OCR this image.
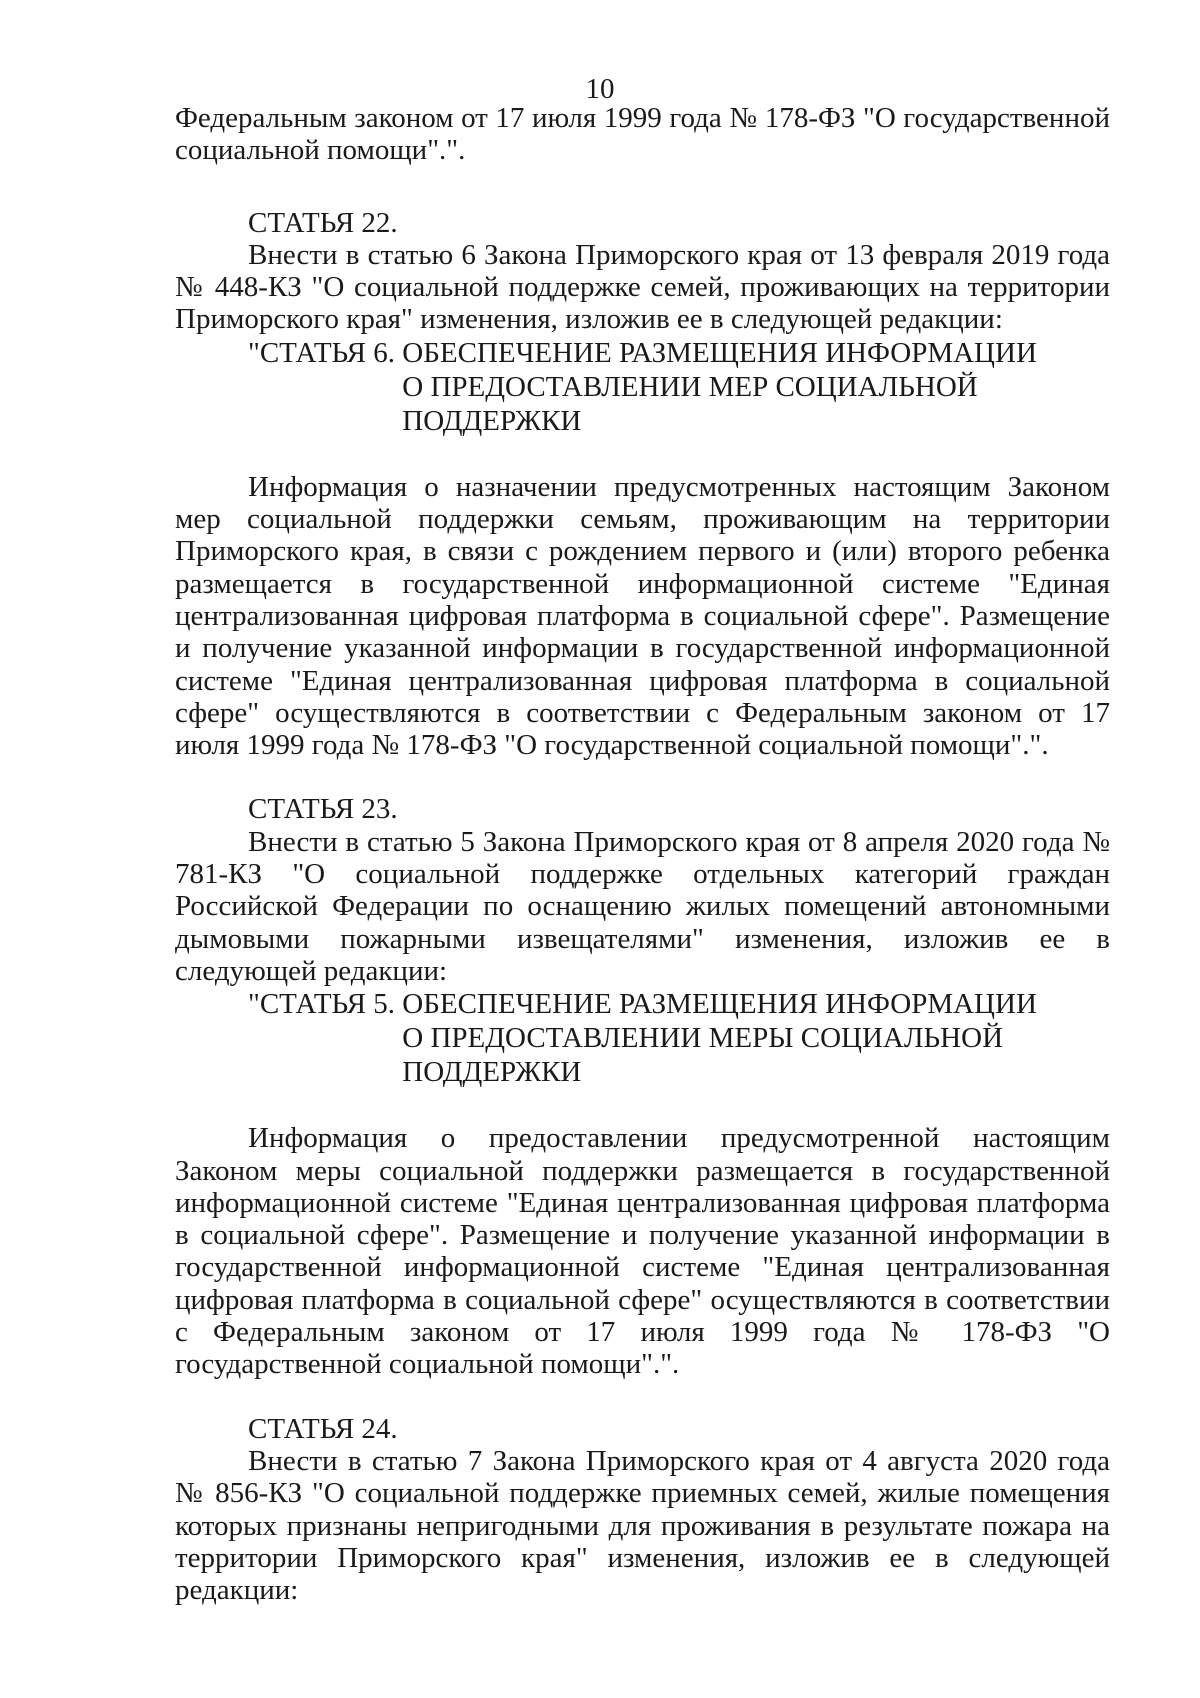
10

Федеральным законом от 17 июля 1999 года № 178-ФЗ "О государственной социальной помощи".".

СТАТЬЯ 22.

Внести в статью 6 Закона Приморского края от 13 февраля 2019 года № 448-КЗ "О социальной поддержке семей, проживающих на территории Приморского края" изменения, изложив ее в следующей редакции:

"СТАТЬЯ 6. ОБЕСПЕЧЕНИЕ РАЗМЕЩЕНИЯ ИНФОРМАЦИИ
О ПРЕДОСТАВЛЕНИИ МЕР СОЦИАЛЬНОЙ
ПОДДЕРЖКИ

Информация о назначении предусмотренных настоящим Законом мер социальной поддержки семьям, проживающим на территории Приморского края, в связи с рождением первого и (или) второго ребенка размещается в государственной информационной системе "Единая централизованная цифровая платформа в социальной сфере". Размещение и получение указанной информации в государственной информационной системе "Единая централизованная цифровая платформа в социальной сфере" осуществляются в соответствии с Федеральным законом от 17 июля 1999 года № 178-ФЗ "О государственной социальной помощи".".

СТАТЬЯ 23.

Внести в статью 5 Закона Приморского края от 8 апреля 2020 года № 781-КЗ "О социальной поддержке отдельных категорий граждан Российской Федерации по оснащению жилых помещений автономными дымовыми пожарными извещателями" изменения, изложив ее в следующей редакции:

"СТАТЬЯ 5. ОБЕСПЕЧЕНИЕ РАЗМЕЩЕНИЯ ИНФОРМАЦИИ
О ПРЕДОСТАВЛЕНИИ МЕРЫ СОЦИАЛЬНОЙ
ПОДДЕРЖКИ

Информация о предоставлении предусмотренной настоящим Законом меры социальной поддержки размещается в государственной информационной системе "Единая централизованная цифровая платформа в социальной сфере". Размещение и получение указанной информации в государственной информационной системе "Единая централизованная цифровая платформа в социальной сфере" осуществляются в соответствии с Федеральным законом от 17 июля 1999 года № 178-ФЗ "О государственной социальной помощи".".

СТАТЬЯ 24.

Внести в статью 7 Закона Приморского края от 4 августа 2020 года № 856-КЗ "О социальной поддержке приемных семей, жилые помещения которых признаны непригодными для проживания в результате пожара на территории Приморского края" изменения, изложив ее в следующей редакции:
